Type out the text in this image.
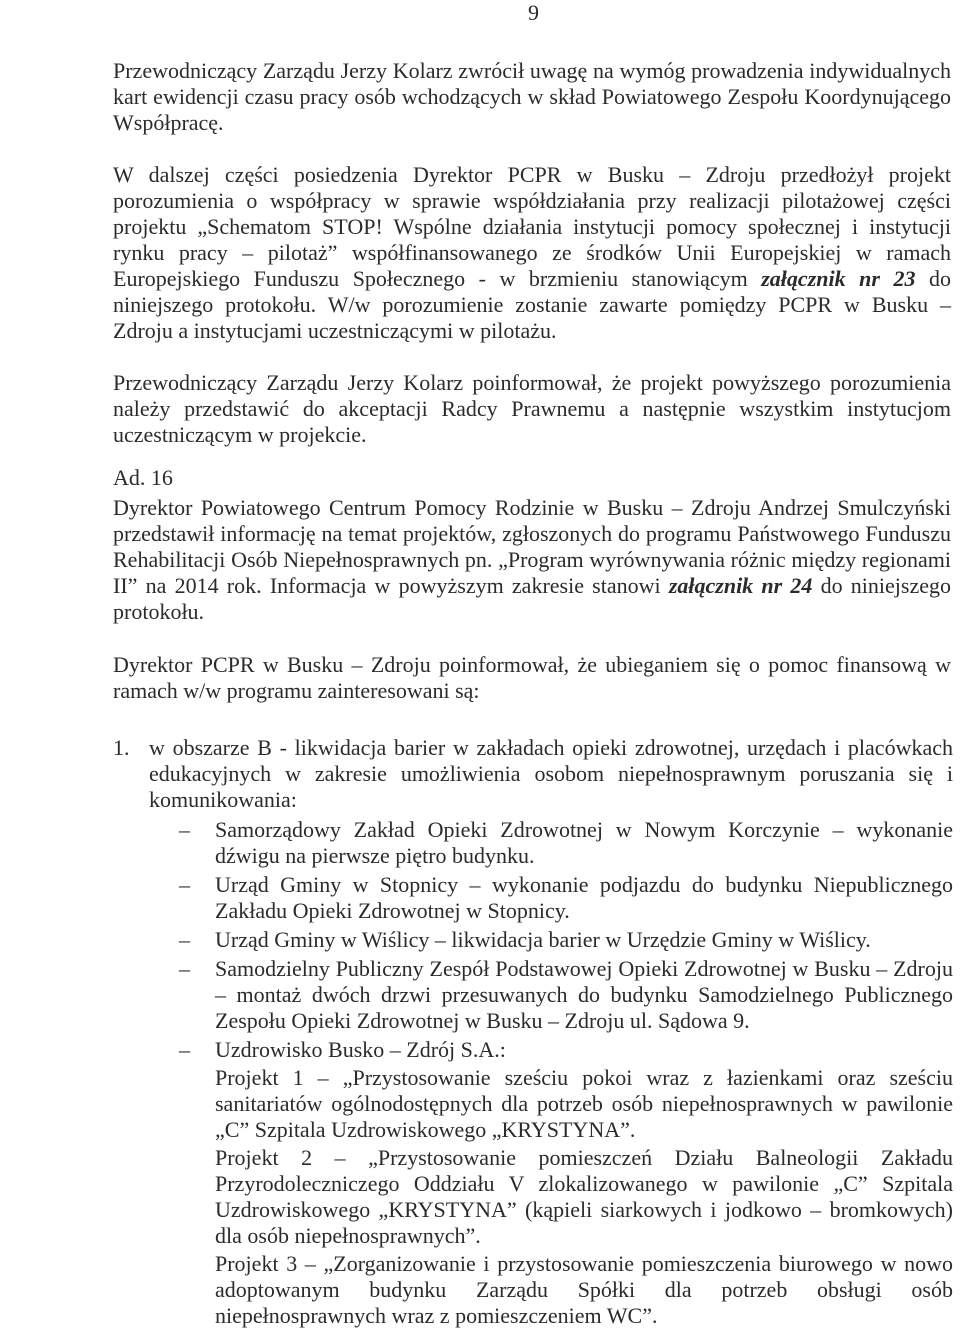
9
Przewodniczący Zarządu Jerzy Kolarz zwrócił uwagę na wymóg prowadzenia indywidualnych kart ewidencji czasu pracy osób wchodzących w skład Powiatowego Zespołu Koordynującego Współpracę.
W dalszej części posiedzenia Dyrektor PCPR w Busku – Zdroju przedłożył projekt porozumienia o współpracy w sprawie współdziałania przy realizacji pilotażowej części projektu „Schematom STOP! Wspólne działania instytucji pomocy społecznej i instytucji rynku pracy – pilotaż” współfinansowanego ze środków Unii Europejskiej w ramach Europejskiego Funduszu Społecznego - w brzmieniu stanowiącym załącznik nr 23 do niniejszego protokołu. W/w porozumienie zostanie zawarte pomiędzy PCPR w Busku – Zdroju a instytucjami uczestniczącymi w pilotażu.
Przewodniczący Zarządu Jerzy Kolarz poinformował, że projekt powyższego porozumienia należy przedstawić do akceptacji Radcy Prawnemu a następnie wszystkim instytucjom uczestniczącym w projekcie.
Ad. 16
Dyrektor Powiatowego Centrum Pomocy Rodzinie w Busku – Zdroju Andrzej Smulczyński przedstawił informację na temat projektów, zgłoszonych do programu Państwowego Funduszu Rehabilitacji Osób Niepełnosprawnych pn. „Program wyrównywania różnic między regionami II” na 2014 rok. Informacja w powyższym zakresie stanowi załącznik nr 24 do niniejszego protokołu.
Dyrektor PCPR w Busku – Zdroju poinformował, że ubieganiem się o pomoc finansową w ramach w/w programu zainteresowani są:
1. w obszarze B - likwidacja barier w zakładach opieki zdrowotnej, urzędach i placówkach edukacyjnych w zakresie umożliwienia osobom niepełnosprawnym poruszania się i komunikowania:
–	Samorządowy Zakład Opieki Zdrowotnej w Nowym Korczynie – wykonanie dźwigu na pierwsze piętro budynku.
–	Urząd Gminy w Stopnicy – wykonanie podjazdu do budynku Niepublicznego Zakładu Opieki Zdrowotnej w Stopnicy.
–	Urząd Gminy w Wiślicy – likwidacja barier w Urzędzie Gminy w Wiślicy.
–	Samodzielny Publiczny Zespół Podstawowej Opieki Zdrowotnej w Busku – Zdroju – montaż dwóch drzwi przesuwanych do budynku Samodzielnego Publicznego Zespołu Opieki Zdrowotnej w Busku – Zdroju ul. Sądowa 9.
–	Uzdrowisko Busko – Zdrój S.A.:
Projekt 1 – „Przystosowanie sześciu pokoi wraz z łazienkami oraz sześciu sanitariatów ogólnodostępnych dla potrzeb osób niepełnosprawnych w pawilonie „C” Szpitala Uzdrowiskowego „KRYSTYNA”.
Projekt 2 – „Przystosowanie pomieszczeń Działu Balneologii Zakładu Przyrodoleczniczego Oddziału V zlokalizowanego w pawilonie „C” Szpitala Uzdrowiskowego „KRYSTYNA” (kąpieli siarkowych i jodkowo – bromkowych) dla osób niepełnosprawnych”.
Projekt 3 – „Zorganizowanie i przystosowanie pomieszczenia biurowego w nowo adoptowanym budynku Zarządu Spółki dla potrzeb obsługi osób niepełnosprawnych wraz z pomieszczeniem WC”.
